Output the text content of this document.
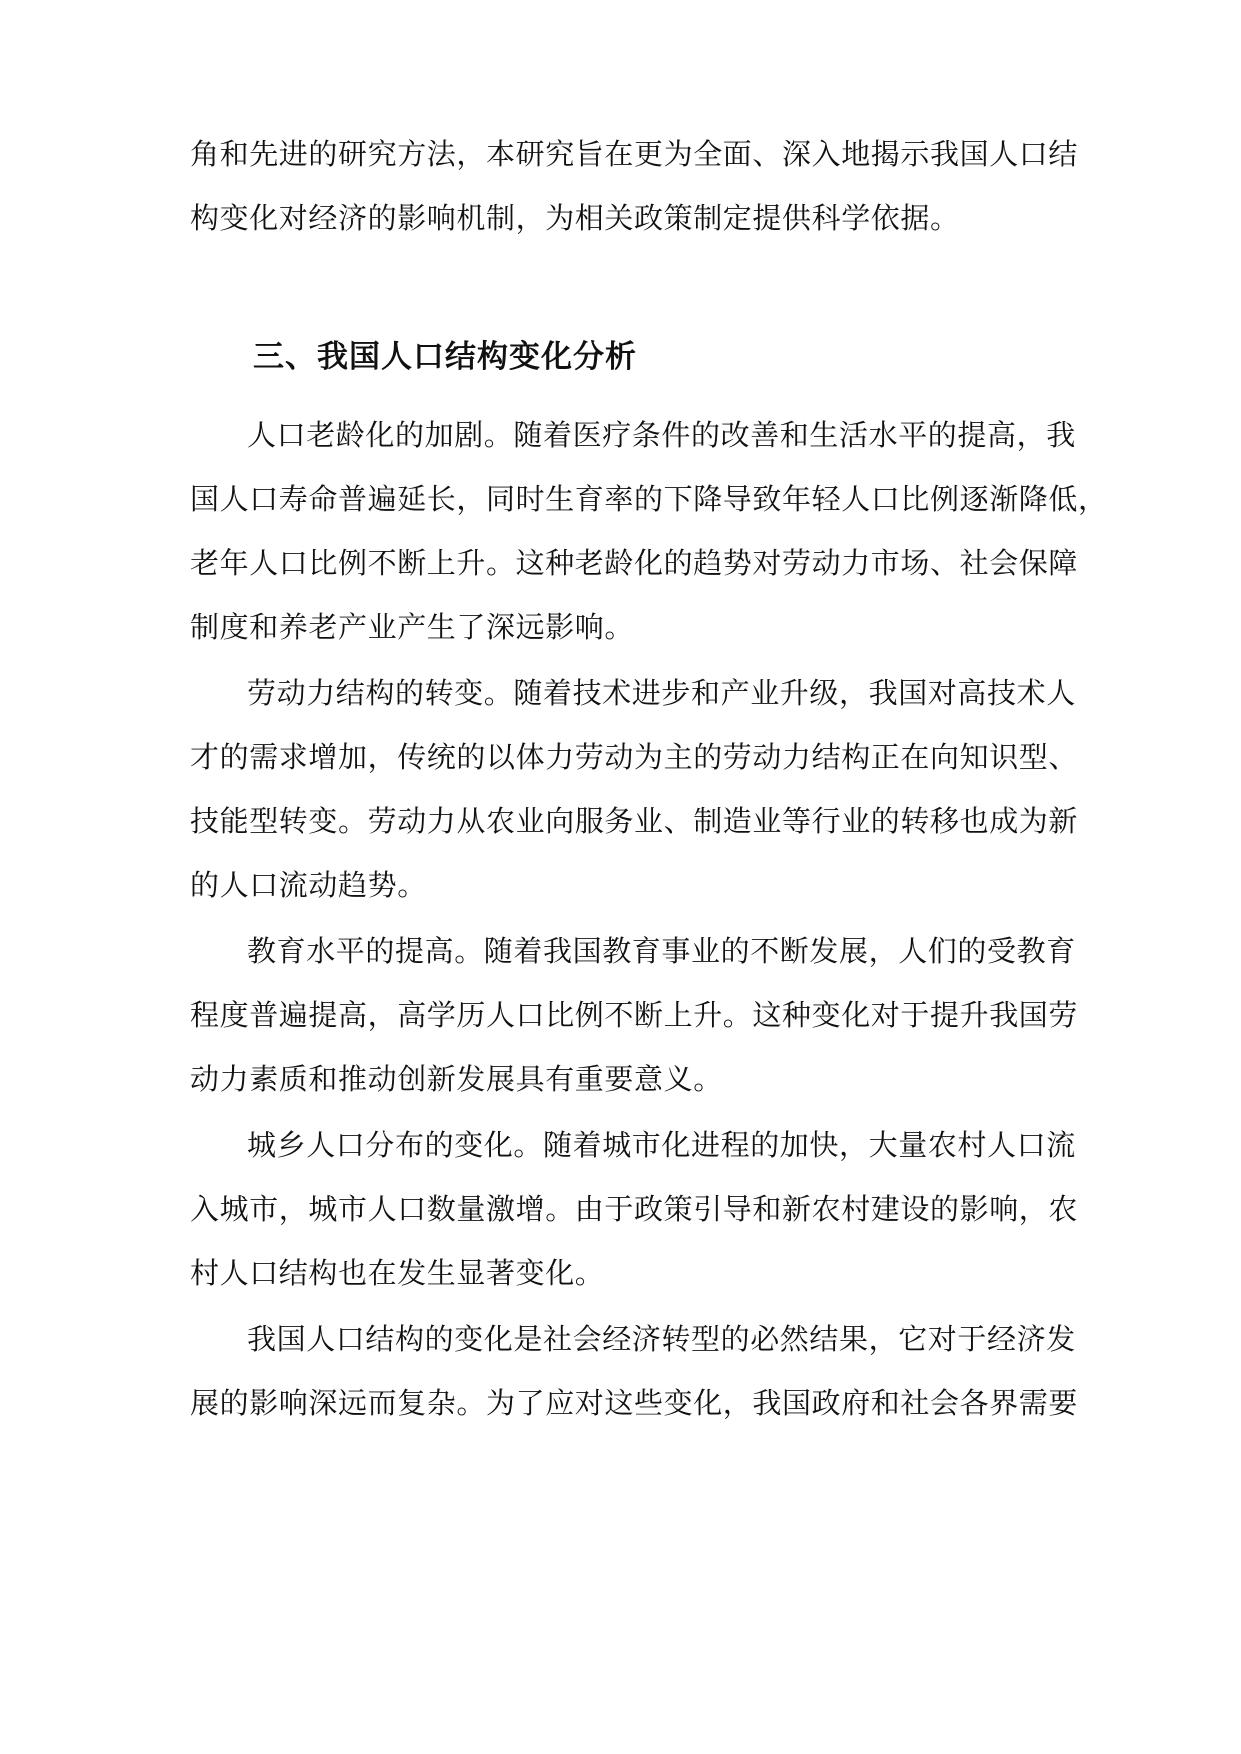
角和先进的研究方法，本研究旨在更为全面、深入地揭示我国人口结
构变化对经济的影响机制，为相关政策制定提供科学依据。
三、我国人口结构变化分析
人口老龄化的加剧。随着医疗条件的改善和生活水平的提高，我
国人口寿命普遍延长，同时生育率的下降导致年轻人口比例逐渐降低，
老年人口比例不断上升。这种老龄化的趋势对劳动力市场、社会保障
制度和养老产业产生了深远影响。
劳动力结构的转变。随着技术进步和产业升级，我国对高技术人
才的需求增加，传统的以体力劳动为主的劳动力结构正在向知识型、
技能型转变。劳动力从农业向服务业、制造业等行业的转移也成为新
的人口流动趋势。
教育水平的提高。随着我国教育事业的不断发展，人们的受教育
程度普遍提高，高学历人口比例不断上升。这种变化对于提升我国劳
动力素质和推动创新发展具有重要意义。
城乡人口分布的变化。随着城市化进程的加快，大量农村人口流
入城市，城市人口数量激增。由于政策引导和新农村建设的影响，农
村人口结构也在发生显著变化。
我国人口结构的变化是社会经济转型的必然结果，它对于经济发
展的影响深远而复杂。为了应对这些变化，我国政府和社会各界需要
